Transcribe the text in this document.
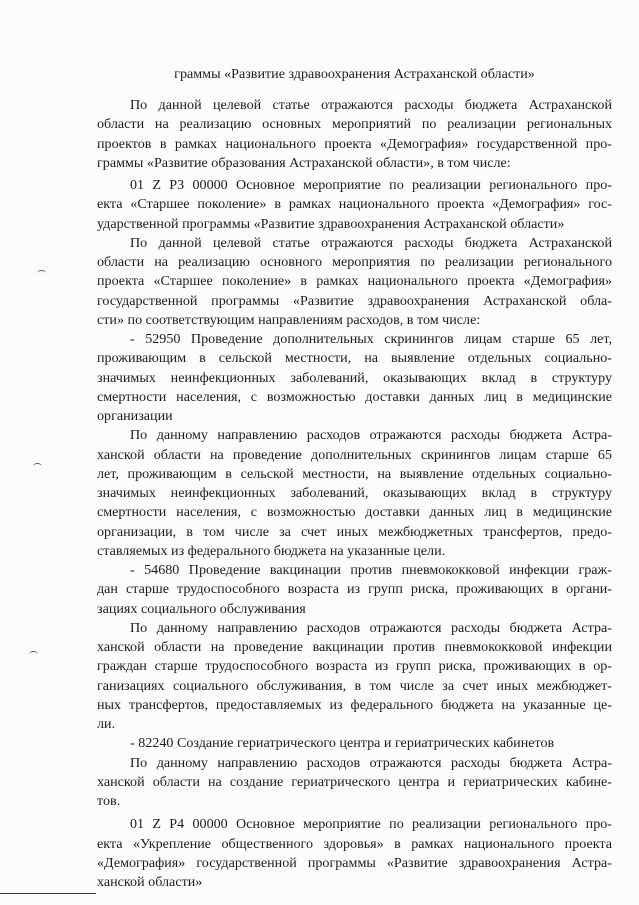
граммы «Развитие здравоохранения Астраханской области»
По данной целевой статье отражаются расходы бюджета Астраханской
области на реализацию основных мероприятий по реализации региональных
проектов в рамках национального проекта «Демография» государственной про-
граммы «Развитие образования Астраханской области», в том числе:
01 Z P3 00000 Основное мероприятие по реализации регионального про-
екта «Старшее поколение» в рамках национального проекта «Демография» гос-
ударственной программы «Развитие здравоохранения Астраханской области»
По данной целевой статье отражаются расходы бюджета Астраханской
области на реализацию основного мероприятия по реализации регионального
проекта «Старшее поколение» в рамках национального проекта «Демография»
государственной программы «Развитие здравоохранения Астраханской обла-
сти» по соответствующим направлениям расходов, в том числе:
- 52950 Проведение дополнительных скринингов лицам старше 65 лет,
проживающим в сельской местности, на выявление отдельных социально-
значимых неинфекционных заболеваний, оказывающих вклад в структуру
смертности населения, с возможностью доставки данных лиц в медицинские
организации
По данному направлению расходов отражаются расходы бюджета Астра-
ханской области на проведение дополнительных скринингов лицам старше 65
лет, проживающим в сельской местности, на выявление отдельных социально-
значимых неинфекционных заболеваний, оказывающих вклад в структуру
смертности населения, с возможностью доставки данных лиц в медицинские
организации, в том числе за счет иных межбюджетных трансфертов, предо-
ставляемых из федерального бюджета на указанные цели.
- 54680 Проведение вакцинации против пневмококковой инфекции граж-
дан старше трудоспособного возраста из групп риска, проживающих в органи-
зациях социального обслуживания
По данному направлению расходов отражаются расходы бюджета Астра-
ханской области на проведение вакцинации против пневмококковой инфекции
граждан старше трудоспособного возраста из групп риска, проживающих в ор-
ганизациях социального обслуживания, в том числе за счет иных межбюджет-
ных трансфертов, предоставляемых из федерального бюджета на указанные це-
ли.
- 82240 Создание гериатрического центра и гериатрических кабинетов
По данному направлению расходов отражаются расходы бюджета Астра-
ханской области на создание гериатрического центра и гериатрических кабине-
тов.
01 Z P4 00000 Основное мероприятие по реализации регионального про-
екта «Укрепление общественного здоровья» в рамках национального проекта
«Демография» государственной программы «Развитие здравоохранения Астра-
ханской области»
